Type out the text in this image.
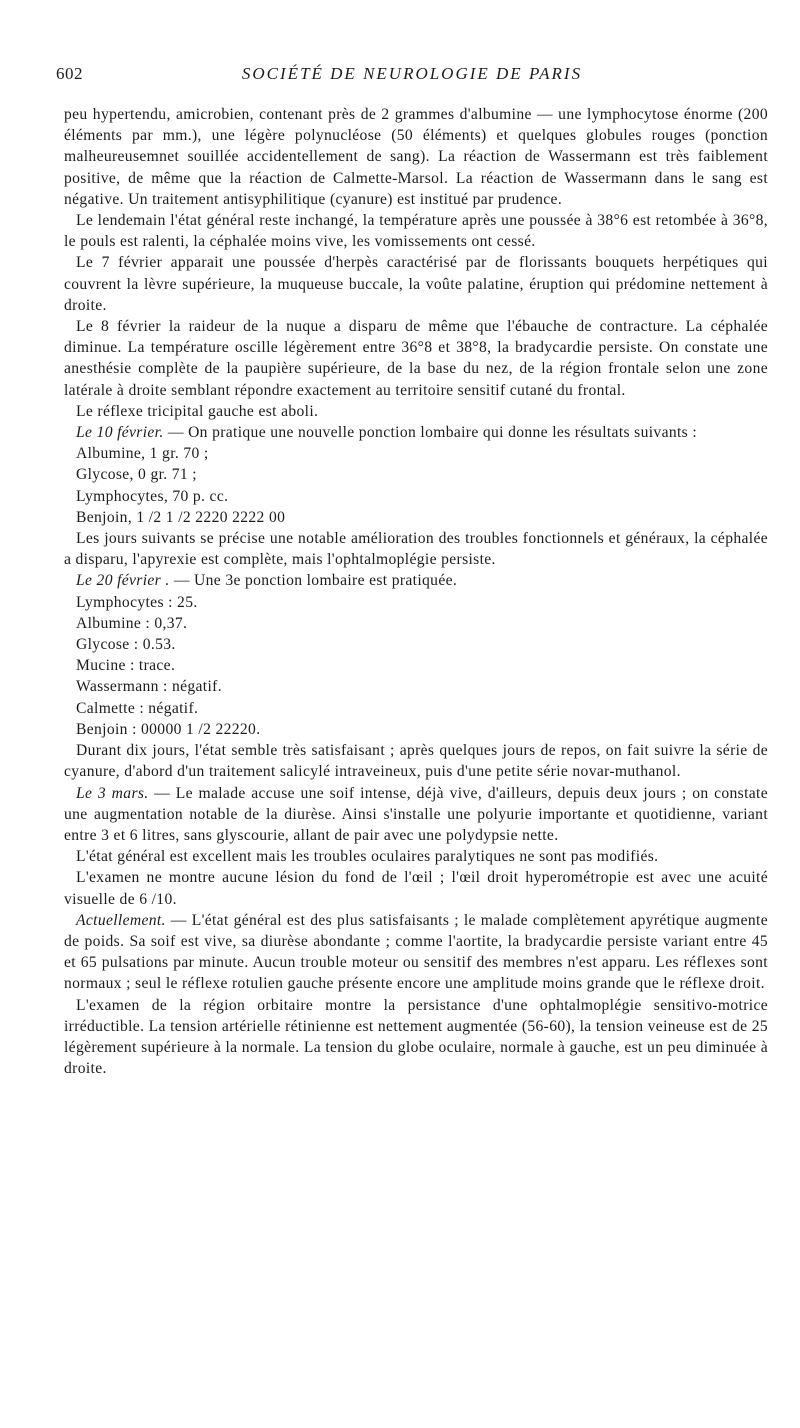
602	SOCIÉTÉ DE NEUROLOGIE DE PARIS

peu hypertendu, amicrobien, contenant près de 2 grammes d'albumine — une lymphocytose énorme (200 éléments par mm.), une légère polynucléose (50 éléments) et quelques globules rouges (ponction malheureusemnet souillée accidentellement de sang). La réaction de Wassermann est très faiblement positive, de même que la réaction de Calmette-Marsol. La réaction de Wassermann dans le sang est négative. Un traitement antisyphilitique (cyanure) est institué par prudence.

Le lendemain l'état général reste inchangé, la température après une poussée à 38°6 est retombée à 36°8, le pouls est ralenti, la céphalée moins vive, les vomissements ont cessé.

Le 7 février apparait une poussée d'herpès caractérisé par de florissants bouquets herpétiques qui couvrent la lèvre supérieure, la muqueuse buccale, la voûte palatine, éruption qui prédomine nettement à droite.

Le 8 février la raideur de la nuque a disparu de même que l'ébauche de contracture. La céphalée diminue. La température oscille légèrement entre 36°8 et 38°8, la bradycardie persiste. On constate une anesthésie complète de la paupière supérieure, de la base du nez, de la région frontale selon une zone latérale à droite semblant répondre exactement au territoire sensitif cutané du frontal.

Le réflexe tricipital gauche est aboli.

Le 10 février. — On pratique une nouvelle ponction lombaire qui donne les résultats suivants :

Albumine, 1 gr. 70 ;

Glycose, 0 gr. 71 ;

Lymphocytes, 70 p. cc.

Benjoin, 1 /2 1 /2 2220 2222 00

Les jours suivants se précise une notable amélioration des troubles fonctionnels et généraux, la céphalée a disparu, l'apyrexie est complète, mais l'ophtalmoplégie persiste.

Le 20 février . — Une 3e ponction lombaire est pratiquée.

Lymphocytes : 25.

Albumine : 0,37.

Glycose : 0.53.

Mucine : trace.

Wassermann : négatif.

Calmette : négatif.

Benjoin : 00000 1 /2 22220.

Durant dix jours, l'état semble très satisfaisant ; après quelques jours de repos, on fait suivre la série de cyanure, d'abord d'un traitement salicylé intraveineux, puis d'une petite série novar-muthanol.

Le 3 mars. — Le malade accuse une soif intense, déjà vive, d'ailleurs, depuis deux jours ; on constate une augmentation notable de la diurèse. Ainsi s'installe une polyurie importante et quotidienne, variant entre 3 et 6 litres, sans glyscourie, allant de pair avec une polydypsie nette.

L'état général est excellent mais les troubles oculaires paralytiques ne sont pas modifiés.

L'examen ne montre aucune lésion du fond de l'œil ; l'œil droit hyperométropie est avec une acuité visuelle de 6 /10.

Actuellement. — L'état général est des plus satisfaisants ; le malade complètement apyrétique augmente de poids. Sa soif est vive, sa diurèse abondante ; comme l'aortite, la bradycardie persiste variant entre 45 et 65 pulsations par minute. Aucun trouble moteur ou sensitif des membres n'est apparu. Les réflexes sont normaux ; seul le réflexe rotulien gauche présente encore une amplitude moins grande que le réflexe droit.

L'examen de la région orbitaire montre la persistance d'une ophtalmoplégie sensitivo-motrice irréductible. La tension artérielle rétinienne est nettement augmentée (56-60), la tension veineuse est de 25 légèrement supérieure à la normale. La tension du globe oculaire, normale à gauche, est un peu diminuée à droite.
